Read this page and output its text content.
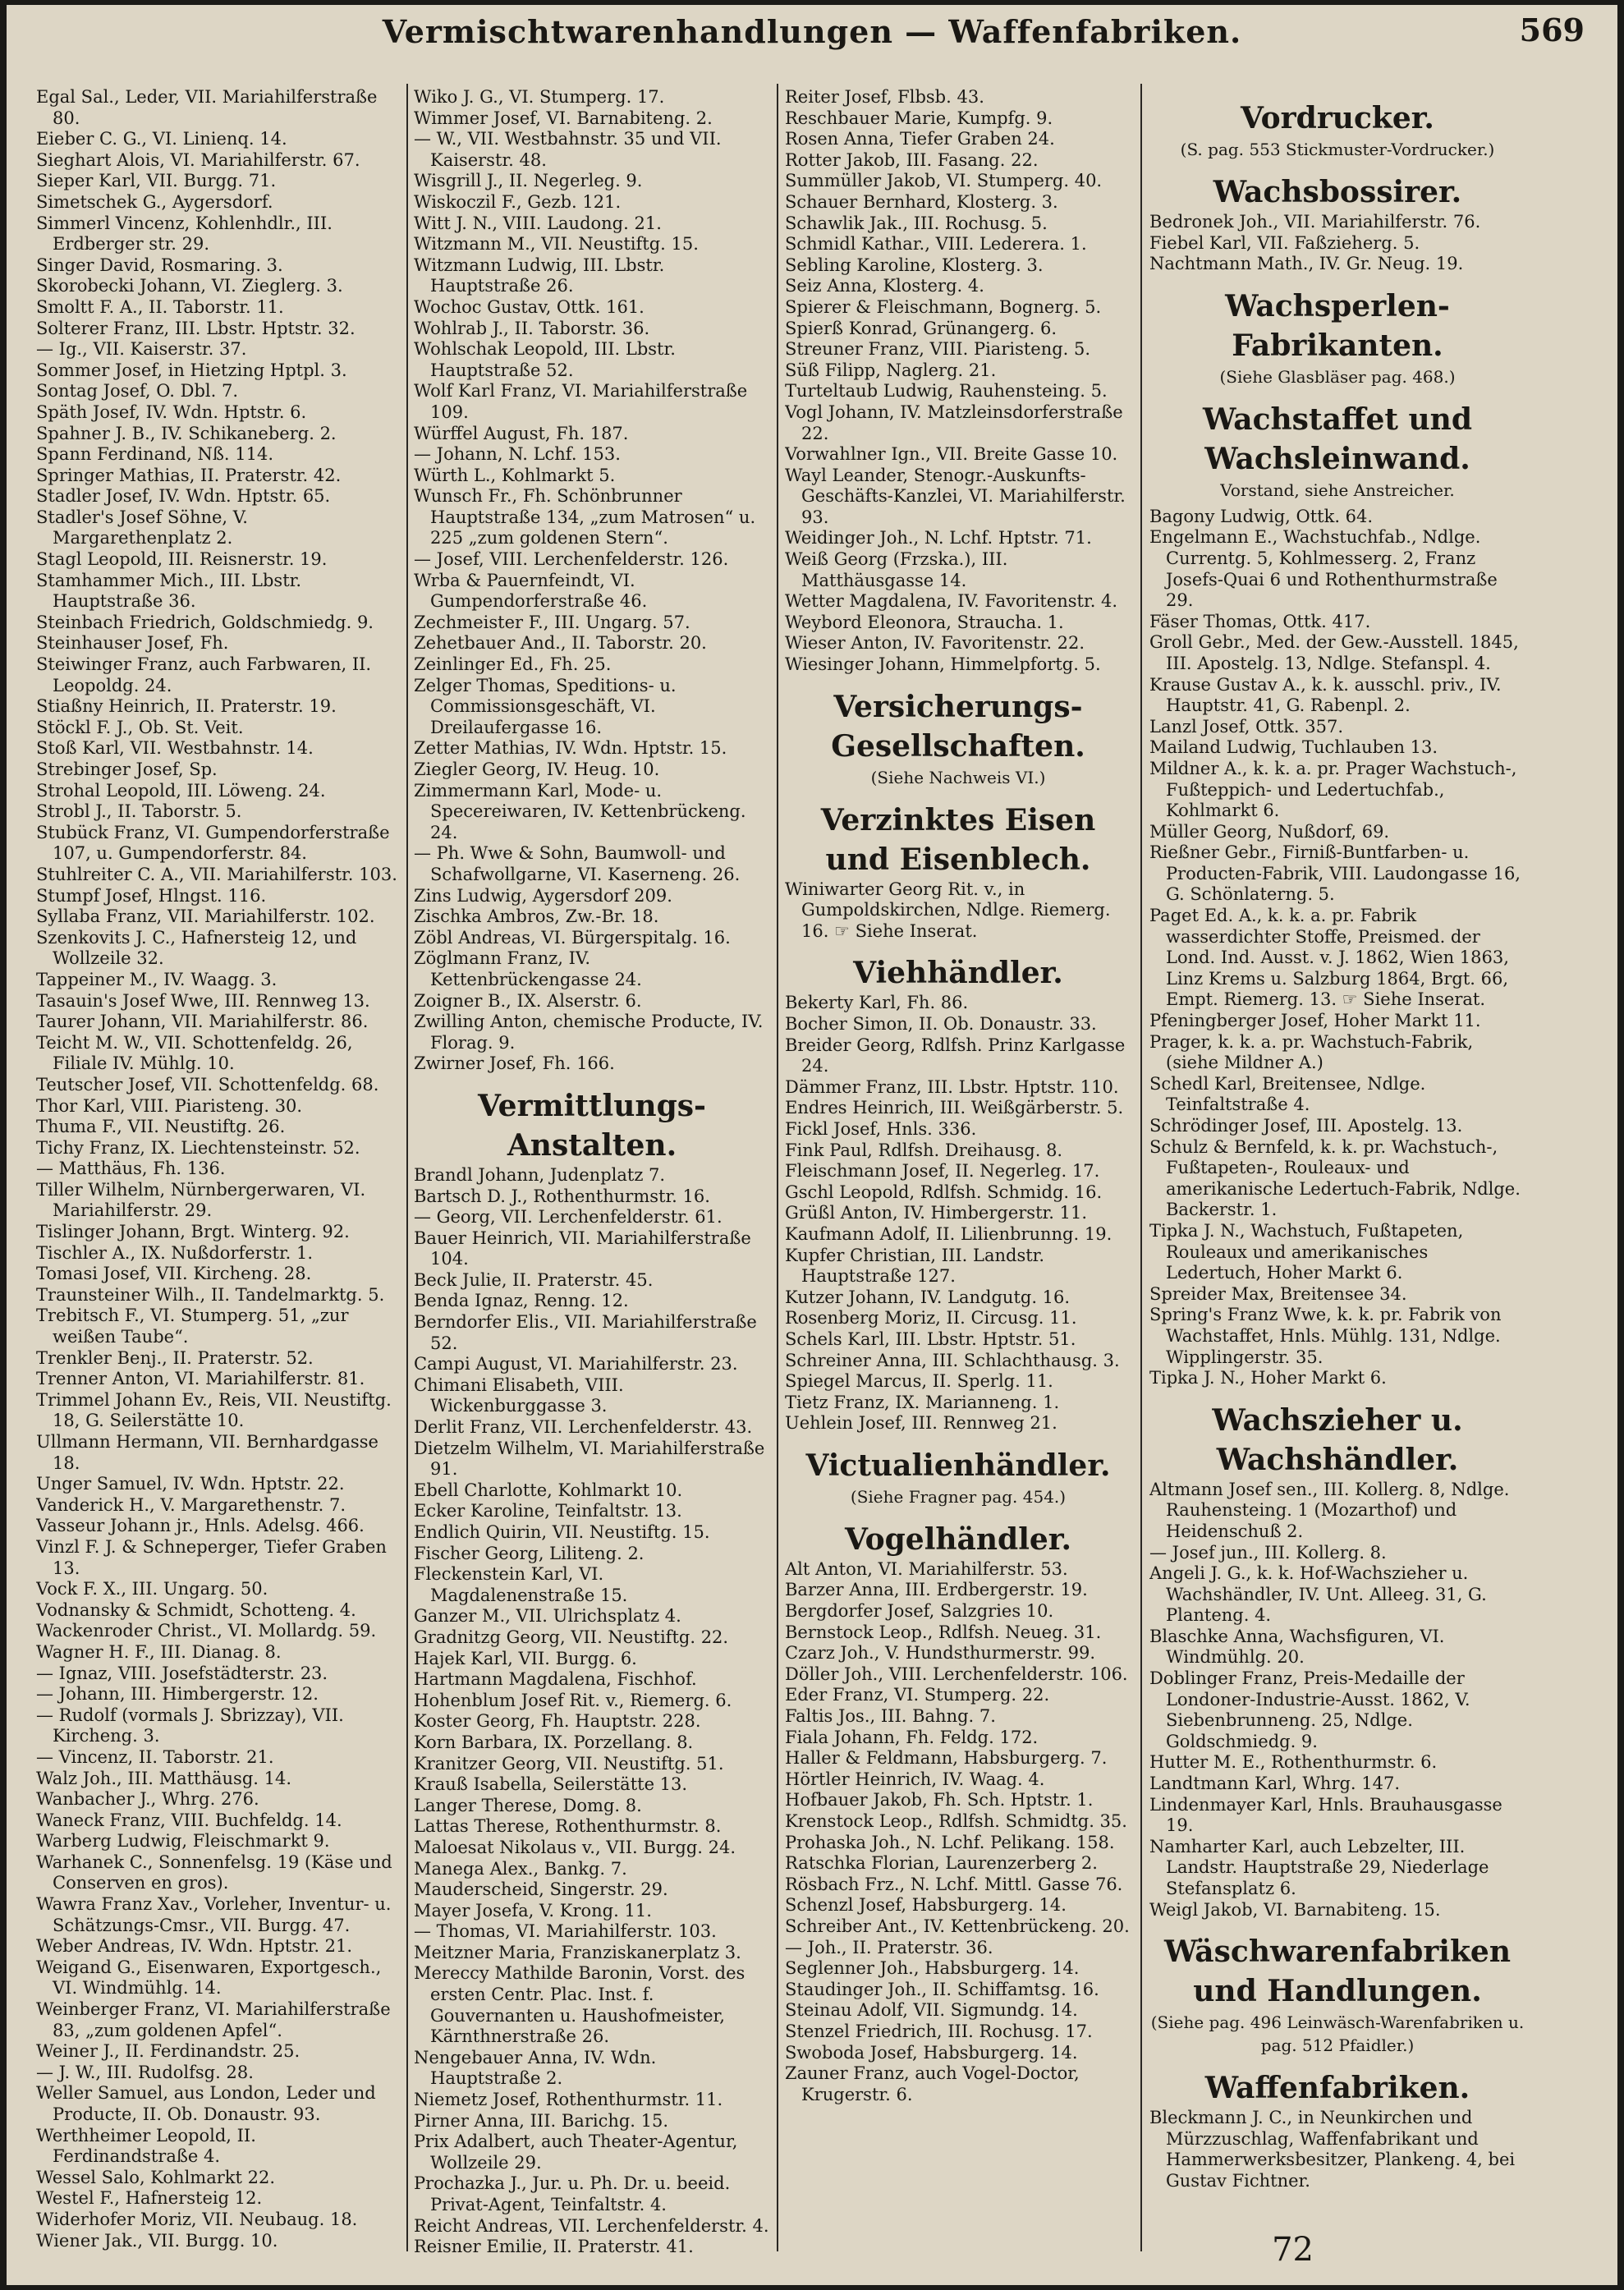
Vermischtwarenhandlungen — Waffenfabriken.	569
Egal Sal., Leder, VII. Mariahilferstraße 80.
Eieber C. G., VI. Linienq. 14.
Sieghart Alois, VI. Mariahilferstr. 67.
Sieper Karl, VII. Burgg. 71.
Simetschek G., Aygersdorf.
Simmerl Vincenz, Kohlenhdlr., III. Erdberger str. 29.
Singer David, Rosmaring. 3.
Skorobecki Johann, VI. Zieglerg. 3.
Smoltt F. A., II. Taborstr. 11.
Solterer Franz, III. Lbstr. Hptstr. 32.
— Ig., VII. Kaiserstr. 37.
Sommer Josef, in Hietzing Hptpl. 3.
Sontag Josef, O. Dbl. 7.
Späth Josef, IV. Wdn. Hptstr. 6.
Spahner J. B., IV. Schikaneberg. 2.
Spann Ferdinand, Nß. 114.
Springer Mathias, II. Praterstr. 42.
Stadler Josef, IV. Wdn. Hptstr. 65.
Stadler's Josef Söhne, V. Margarethenplatz 2.
Stagl Leopold, III. Reisnerstr. 19.
Stamhammer Mich., III. Lbstr. Hauptstraße 36.
Steinbach Friedrich, Goldschmiedg. 9.
Steinhauser Josef, Fh.
Steiwinger Franz, auch Farbwaren, II. Leopoldg. 24.
Stiaßny Heinrich, II. Praterstr. 19.
Stöckl F. J., Ob. St. Veit.
Stoß Karl, VII. Westbahnstr. 14.
Strebinger Josef, Sp.
Strohal Leopold, III. Löweng. 24.
Strobl J., II. Taborstr. 5.
Stubück Franz, VI. Gumpendorferstraße 107, u. Gumpendorferstr. 84.
Stuhlreiter C. A., VII. Mariahilferstr. 103.
Stumpf Josef, Hlngst. 116.
Syllaba Franz, VII. Mariahilferstr. 102.
Szenkovits J. C., Hafnersteig 12, und Wollzeile 32.
Tappeiner M., IV. Waagg. 3.
Tasauin's Josef Wwe, III. Rennweg 13.
Taurer Johann, VII. Mariahilferstr. 86.
Teicht M. W., VII. Schottenfeldg. 26, Filiale IV. Mühlg. 10.
Teutscher Josef, VII. Schottenfeldg. 68.
Thor Karl, VIII. Piaristeng. 30.
Thuma F., VII. Neustiftg. 26.
Tichy Franz, IX. Liechtensteinstr. 52.
— Matthäus, Fh. 136.
Tiller Wilhelm, Nürnbergerwaren, VI. Mariahilferstr. 29.
Tislinger Johann, Brgt. Winterg. 92.
Tischler A., IX. Nußdorferstr. 1.
Tomasi Josef, VII. Kircheng. 28.
Traunsteiner Wilh., II. Tandelmarktg. 5.
Trebitsch F., VI. Stumperg. 51, „zur weißen Taube“.
Trenkler Benj., II. Praterstr. 52.
Trenner Anton, VI. Mariahilferstr. 81.
Trimmel Johann Ev., Reis, VII. Neustiftg. 18, G. Seilerstätte 10.
Ullmann Hermann, VII. Bernhardgasse 18.
Unger Samuel, IV. Wdn. Hptstr. 22.
Vanderick H., V. Margarethenstr. 7.
Vasseur Johann jr., Hnls. Adelsg. 466.
Vinzl F. J. & Schneperger, Tiefer Graben 13.
Vock F. X., III. Ungarg. 50.
Vodnansky & Schmidt, Schotteng. 4.
Wackenroder Christ., VI. Mollardg. 59.
Wagner H. F., III. Dianag. 8.
— Ignaz, VIII. Josefstädterstr. 23.
— Johann, III. Himbergerstr. 12.
— Rudolf (vormals J. Sbrizzay), VII. Kircheng. 3.
— Vincenz, II. Taborstr. 21.
Walz Joh., III. Matthäusg. 14.
Wanbacher J., Whrg. 276.
Waneck Franz, VIII. Buchfeldg. 14.
Warberg Ludwig, Fleischmarkt 9.
Warhanek C., Sonnenfelsg. 19 (Käse und Conserven en gros).
Wawra Franz Xav., Vorleher, Inventur- u. Schätzungs-Cmsr., VII. Burgg. 47.
Weber Andreas, IV. Wdn. Hptstr. 21.
Weigand G., Eisenwaren, Exportgesch., VI. Windmühlg. 14.
Weinberger Franz, VI. Mariahilferstraße 83, „zum goldenen Apfel“.
Weiner J., II. Ferdinandstr. 25.
— J. W., III. Rudolfsg. 28.
Weller Samuel, aus London, Leder und Producte, II. Ob. Donaustr. 93.
Werthheimer Leopold, II. Ferdinandstraße 4.
Wessel Salo, Kohlmarkt 22.
Westel F., Hafnersteig 12.
Widerhofer Moriz, VII. Neubaug. 18.
Wiener Jak., VII. Burgg. 10.
Wiko J. G., VI. Stumperg. 17.
Wimmer Josef, VI. Barnabiteng. 2.
— W., VII. Westbahnstr. 35 und VII. Kaiserstr. 48.
Wisgrill J., II. Negerleg. 9.
Wiskoczil F., Gezb. 121.
Witt J. N., VIII. Laudong. 21.
Witzmann M., VII. Neustiftg. 15.
Witzmann Ludwig, III. Lbstr. Hauptstraße 26.
Wochoc Gustav, Ottk. 161.
Wohlrab J., II. Taborstr. 36.
Wohlschak Leopold, III. Lbstr. Hauptstraße 52.
Wolf Karl Franz, VI. Mariahilferstraße 109.
Würffel August, Fh. 187.
— Johann, N. Lchf. 153.
Würth L., Kohlmarkt 5.
Wunsch Fr., Fh. Schönbrunner Hauptstraße 134, „zum Matrosen“ u. 225 „zum goldenen Stern“.
— Josef, VIII. Lerchenfelderstr. 126.
Wrba & Pauernfeindt, VI. Gumpendorferstraße 46.
Zechmeister F., III. Ungarg. 57.
Zehetbauer And., II. Taborstr. 20.
Zeinlinger Ed., Fh. 25.
Zelger Thomas, Speditions- u. Commissionsgeschäft, VI. Dreilaufergasse 16.
Zetter Mathias, IV. Wdn. Hptstr. 15.
Ziegler Georg, IV. Heug. 10.
Zimmermann Karl, Mode- u. Specereiwaren, IV. Kettenbrückeng. 24.
— Ph. Wwe & Sohn, Baumwoll- und Schafwollgarne, VI. Kaserneng. 26.
Zins Ludwig, Aygersdorf 209.
Zischka Ambros, Zw.-Br. 18.
Zöbl Andreas, VI. Bürgerspitalg. 16.
Zöglmann Franz, IV. Kettenbrückengasse 24.
Zoigner B., IX. Alserstr. 6.
Zwilling Anton, chemische Producte, IV. Florag. 9.
Zwirner Josef, Fh. 166.
Vermittlungs-Anstalten.
Brandl Johann, Judenplatz 7.
Bartsch D. J., Rothenthurmstr. 16.
— Georg, VII. Lerchenfelderstr. 61.
Bauer Heinrich, VII. Mariahilferstraße 104.
Beck Julie, II. Praterstr. 45.
Benda Ignaz, Renng. 12.
Berndorfer Elis., VII. Mariahilferstraße 52.
Campi August, VI. Mariahilferstr. 23.
Chimani Elisabeth, VIII. Wickenburggasse 3.
Derlit Franz, VII. Lerchenfelderstr. 43.
Dietzelm Wilhelm, VI. Mariahilferstraße 91.
Ebell Charlotte, Kohlmarkt 10.
Ecker Karoline, Teinfaltstr. 13.
Endlich Quirin, VII. Neustiftg. 15.
Fischer Georg, Liliteng. 2.
Fleckenstein Karl, VI. Magdalenenstraße 15.
Ganzer M., VII. Ulrichsplatz 4.
Gradnitzg Georg, VII. Neustiftg. 22.
Hajek Karl, VII. Burgg. 6.
Hartmann Magdalena, Fischhof.
Hohenblum Josef Rit. v., Riemerg. 6.
Koster Georg, Fh. Hauptstr. 228.
Korn Barbara, IX. Porzellang. 8.
Kranitzer Georg, VII. Neustiftg. 51.
Krauß Isabella, Seilerstätte 13.
Langer Therese, Domg. 8.
Lattas Therese, Rothenthurmstr. 8.
Maloesat Nikolaus v., VII. Burgg. 24.
Manega Alex., Bankg. 7.
Mauderscheid, Singerstr. 29.
Mayer Josefa, V. Krong. 11.
— Thomas, VI. Mariahilferstr. 103.
Meitzner Maria, Franziskanerplatz 3.
Mereccy Mathilde Baronin, Vorst. des ersten Centr. Plac. Inst. f. Gouvernanten u. Haushofmeister, Kärnthnerstraße 26.
Nengebauer Anna, IV. Wdn. Hauptstraße 2.
Niemetz Josef, Rothenthurmstr. 11.
Pirner Anna, III. Barichg. 15.
Prix Adalbert, auch Theater-Agentur, Wollzeile 29.
Prochazka J., Jur. u. Ph. Dr. u. beeid. Privat-Agent, Teinfaltstr. 4.
Reicht Andreas, VII. Lerchenfelderstr. 4.
Reisner Emilie, II. Praterstr. 41.
Reiter Josef, Flbsb. 43.
Reschbauer Marie, Kumpfg. 9.
Rosen Anna, Tiefer Graben 24.
Rotter Jakob, III. Fasang. 22.
Summüller Jakob, VI. Stumperg. 40.
Schauer Bernhard, Klosterg. 3.
Schawlik Jak., III. Rochusg. 5.
Schmidl Kathar., VIII. Lederera. 1.
Sebling Karoline, Klosterg. 3.
Seiz Anna, Klosterg. 4.
Spierer & Fleischmann, Bognerg. 5.
Spierß Konrad, Grünangerg. 6.
Streuner Franz, VIII. Piaristeng. 5.
Süß Filipp, Naglerg. 21.
Turteltaub Ludwig, Rauhensteing. 5.
Vogl Johann, IV. Matzleinsdorferstraße 22.
Vorwahlner Ign., VII. Breite Gasse 10.
Wayl Leander, Stenogr.-Auskunfts-Geschäfts-Kanzlei, VI. Mariahilferstr. 93.
Weidinger Joh., N. Lchf. Hptstr. 71.
Weiß Georg (Frzska.), III. Matthäusgasse 14.
Wetter Magdalena, IV. Favoritenstr. 4.
Weybord Eleonora, Straucha. 1.
Wieser Anton, IV. Favoritenstr. 22.
Wiesinger Johann, Himmelpfortg. 5.
Versicherungs-Gesellschaften.
(Siehe Nachweis VI.)
Verzinktes Eisen und Eisenblech.
Winiwarter Georg Rit. v., in Gumpoldskirchen, Ndlge. Riemerg. 16. ☞ Siehe Inserat.
Viehhändler.
Bekerty Karl, Fh. 86.
Bocher Simon, II. Ob. Donaustr. 33.
Breider Georg, Rdlfsh. Prinz Karlgasse 24.
Dämmer Franz, III. Lbstr. Hptstr. 110.
Endres Heinrich, III. Weißgärberstr. 5.
Fickl Josef, Hnls. 336.
Fink Paul, Rdlfsh. Dreihausg. 8.
Fleischmann Josef, II. Negerleg. 17.
Gschl Leopold, Rdlfsh. Schmidg. 16.
Grüßl Anton, IV. Himbergerstr. 11.
Kaufmann Adolf, II. Lilienbrunng. 19.
Kupfer Christian, III. Landstr. Hauptstraße 127.
Kutzer Johann, IV. Landgutg. 16.
Rosenberg Moriz, II. Circusg. 11.
Schels Karl, III. Lbstr. Hptstr. 51.
Schreiner Anna, III. Schlachthausg. 3.
Spiegel Marcus, II. Sperlg. 11.
Tietz Franz, IX. Marianneng. 1.
Uehlein Josef, III. Rennweg 21.
Victualienhändler.
(Siehe Fragner pag. 454.)
Vogelhändler.
Alt Anton, VI. Mariahilferstr. 53.
Barzer Anna, III. Erdbergerstr. 19.
Bergdorfer Josef, Salzgries 10.
Bernstock Leop., Rdlfsh. Neueg. 31.
Czarz Joh., V. Hundsthurmerstr. 99.
Döller Joh., VIII. Lerchenfelderstr. 106.
Eder Franz, VI. Stumperg. 22.
Faltis Jos., III. Bahng. 7.
Fiala Johann, Fh. Feldg. 172.
Haller & Feldmann, Habsburgerg. 7.
Hörtler Heinrich, IV. Waag. 4.
Hofbauer Jakob, Fh. Sch. Hptstr. 1.
Krenstock Leop., Rdlfsh. Schmidtg. 35.
Prohaska Joh., N. Lchf. Pelikang. 158.
Ratschka Florian, Laurenzerberg 2.
Rösbach Frz., N. Lchf. Mittl. Gasse 76.
Schenzl Josef, Habsburgerg. 14.
Schreiber Ant., IV. Kettenbrückeng. 20.
— Joh., II. Praterstr. 36.
Seglenner Joh., Habsburgerg. 14.
Staudinger Joh., II. Schiffamtsg. 16.
Steinau Adolf, VII. Sigmundg. 14.
Stenzel Friedrich, III. Rochusg. 17.
Swoboda Josef, Habsburgerg. 14.
Zauner Franz, auch Vogel-Doctor, Krugerstr. 6.
Vordrucker.
(S. pag. 553 Stickmuster-Vordrucker.)
Wachsbossirer.
Bedronek Joh., VII. Mariahilferstr. 76.
Fiebel Karl, VII. Faßzieherg. 5.
Nachtmann Math., IV. Gr. Neug. 19.
Wachsperlen-Fabrikanten.
(Siehe Glasbläser pag. 468.)
Wachstaffet und Wachsleinwand.
Vorstand, siehe Anstreicher.
Bagony Ludwig, Ottk. 64.
Engelmann E., Wachstuchfab., Ndlge. Currentg. 5, Kohlmesserg. 2, Franz Josefs-Quai 6 und Rothenthurmstraße 29.
Fäser Thomas, Ottk. 417.
Groll Gebr., Med. der Gew.-Ausstell. 1845, III. Apostelg. 13, Ndlge. Stefanspl. 4.
Krause Gustav A., k. k. ausschl. priv., IV. Hauptstr. 41, G. Rabenpl. 2.
Lanzl Josef, Ottk. 357.
Mailand Ludwig, Tuchlauben 13.
Mildner A., k. k. a. pr. Prager Wachstuch-, Fußteppich- und Ledertuchfab., Kohlmarkt 6.
Müller Georg, Nußdorf, 69.
Rießner Gebr., Firniß-Buntfarben- u. Producten-Fabrik, VIII. Laudongasse 16, G. Schönlaterng. 5.
Paget Ed. A., k. k. a. pr. Fabrik wasserdichter Stoffe, Preismed. der Lond. Ind. Ausst. v. J. 1862, Wien 1863, Linz Krems u. Salzburg 1864, Brgt. 66, Empt. Riemerg. 13. ☞ Siehe Inserat.
Pfeningberger Josef, Hoher Markt 11.
Prager, k. k. a. pr. Wachstuch-Fabrik, (siehe Mildner A.)
Schedl Karl, Breitensee, Ndlge. Teinfaltstraße 4.
Schrödinger Josef, III. Apostelg. 13.
Schulz & Bernfeld, k. k. pr. Wachstuch-, Fußtapeten-, Rouleaux- und amerikanische Ledertuch-Fabrik, Ndlge. Backerstr. 1.
Tipka J. N., Wachstuch, Fußtapeten, Rouleaux und amerikanisches Ledertuch, Hoher Markt 6.
Spreider Max, Breitensee 34.
Spring's Franz Wwe, k. k. pr. Fabrik von Wachstaffet, Hnls. Mühlg. 131, Ndlge. Wipplingerstr. 35.
Tipka J. N., Hoher Markt 6.
Wachszieher u. Wachshändler.
Altmann Josef sen., III. Kollerg. 8, Ndlge. Rauhensteing. 1 (Mozarthof) und Heidenschuß 2.
— Josef jun., III. Kollerg. 8.
Angeli J. G., k. k. Hof-Wachszieher u. Wachshändler, IV. Unt. Alleeg. 31, G. Planteng. 4.
Blaschke Anna, Wachsfiguren, VI. Windmühlg. 20.
Doblinger Franz, Preis-Medaille der Londoner-Industrie-Ausst. 1862, V. Siebenbrunneng. 25, Ndlge. Goldschmiedg. 9.
Hutter M. E., Rothenthurmstr. 6.
Landtmann Karl, Whrg. 147.
Lindenmayer Karl, Hnls. Brauhausgasse 19.
Namharter Karl, auch Lebzelter, III. Landstr. Hauptstraße 29, Niederlage Stefansplatz 6.
Weigl Jakob, VI. Barnabiteng. 15.
Wäschwarenfabriken und Handlungen.
(Siehe pag. 496 Leinwäsch-Warenfabriken u. pag. 512 Pfaidler.)
Waffenfabriken.
Bleckmann J. C., in Neunkirchen und Mürzzuschlag, Waffenfabrikant und Hammerwerksbesitzer, Plankeng. 4, bei Gustav Fichtner.
72
